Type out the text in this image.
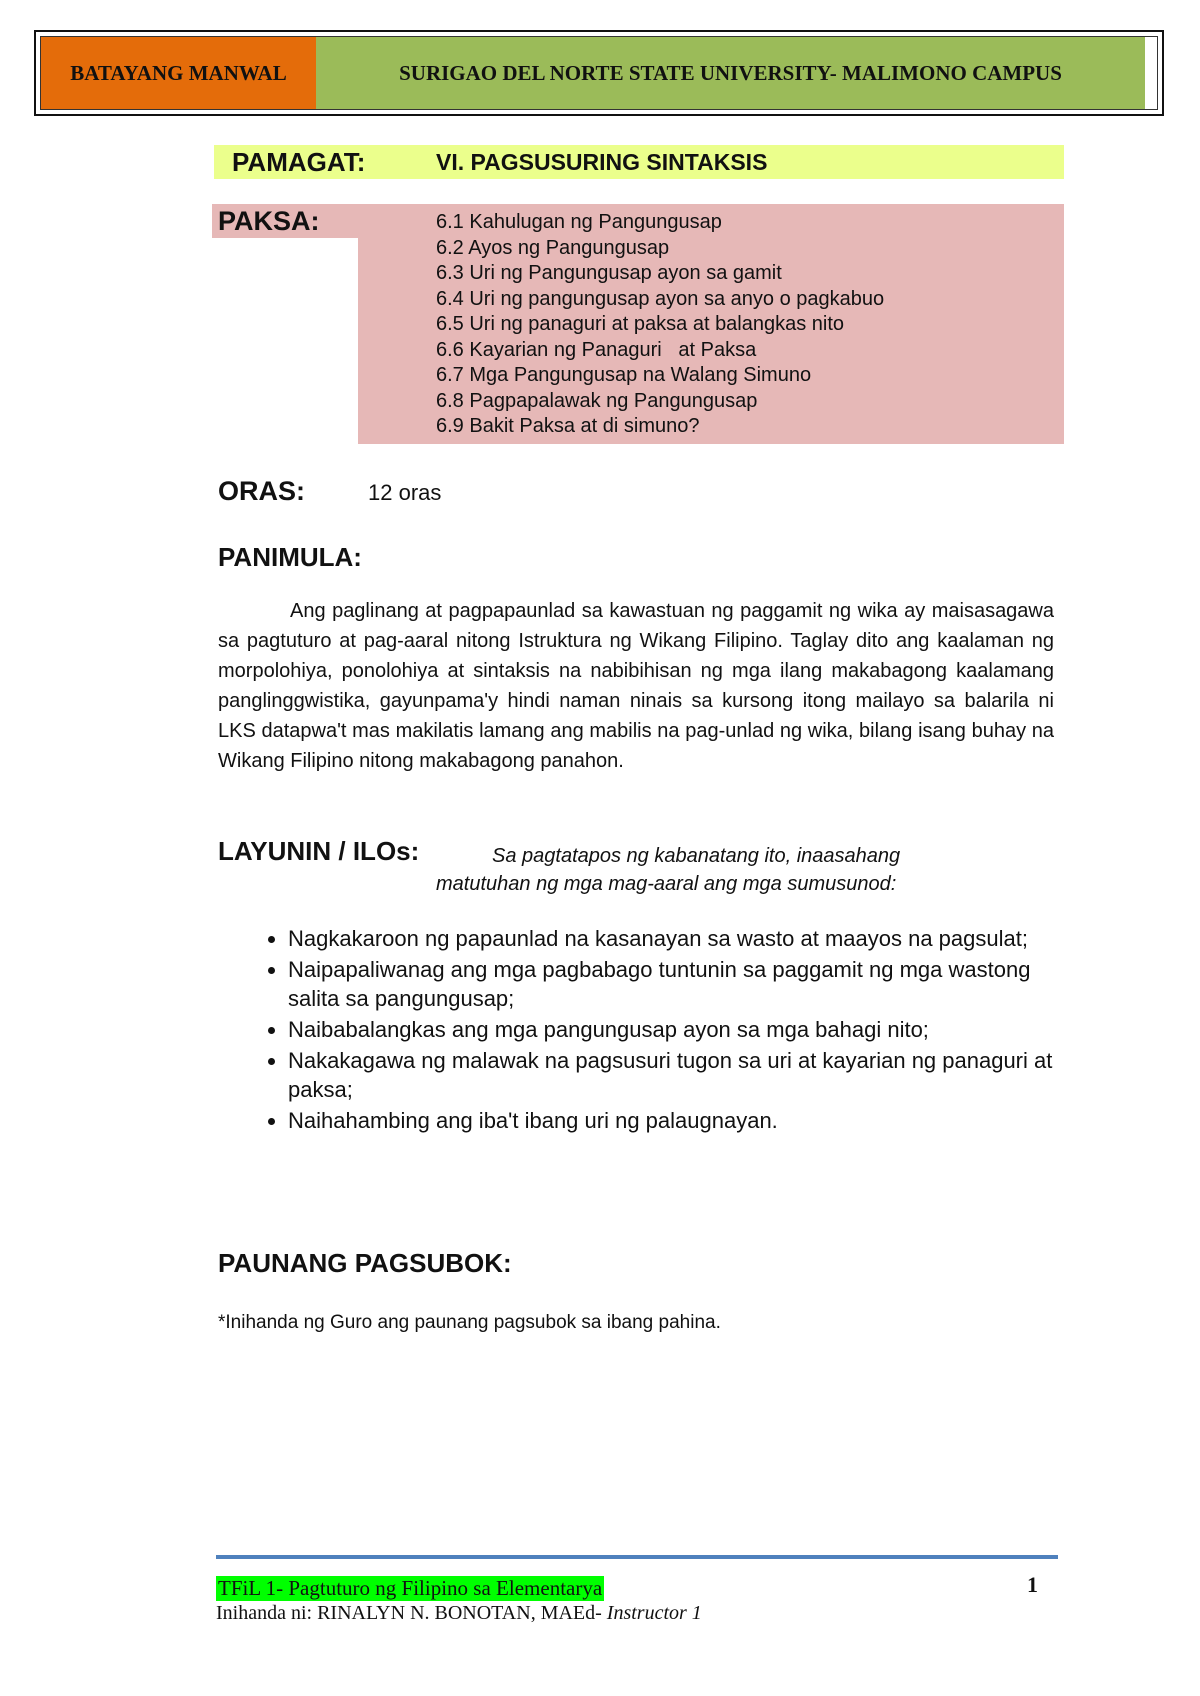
BATAYANG MANWAL	SURIGAO DEL NORTE STATE UNIVERSITY- MALIMONO CAMPUS
PAMAGAT:	VI. PAGSUSURING SINTAKSIS
PAKSA:	6.1 Kahulugan ng Pangungusap
6.2 Ayos ng Pangungusap
6.3 Uri ng Pangungusap ayon sa gamit
6.4 Uri ng pangungusap ayon sa anyo o pagkabuo
6.5 Uri ng panaguri at paksa at balangkas nito
6.6 Kayarian ng Panaguri   at Paksa
6.7 Mga Pangungusap na Walang Simuno
6.8 Pagpapalawak ng Pangungusap
6.9 Bakit Paksa at di simuno?
ORAS:	12 oras
PANIMULA:

Ang paglinang at pagpapaunlad sa kawastuan ng paggamit ng wika ay maisasagawa sa pagtuturo at pag-aaral nitong Istruktura ng Wikang Filipino. Taglay dito ang kaalaman ng morpolohiya, ponolohiya at sintaksis na nabibihisan ng mga ilang makabagong kaalamang panglinggwistika, gayunpama'y hindi naman ninais sa kursong itong mailayo sa balarila ni LKS datapwa't mas makilatis lamang ang mabilis na pag-unlad ng wika, bilang isang buhay na Wikang Filipino nitong makabagong panahon.

LAYUNIN / ILOs:	Sa pagtatapos ng kabanatang ito, inaasahang
matutuhan ng mga mag-aaral ang mga sumusunod:
• Nagkakaroon ng papaunlad na kasanayan sa wasto at maayos na pagsulat;
• Naipapaliwanag ang mga pagbabago tuntunin sa paggamit ng mga wastong salita sa pangungusap;
• Naibabalangkas ang mga pangungusap ayon sa mga bahagi nito;
• Nakakagawa ng malawak na pagsusuri tugon sa uri at kayarian ng panaguri at paksa;
• Naihahambing ang iba't ibang uri ng palaugnayan.
PAUNANG PAGSUBOK:
*Inihanda ng Guro ang paunang pagsubok sa ibang pahina.
TFiL 1- Pagtuturo ng Filipino sa Elementarya	1
Inihanda ni: RINALYN N. BONOTAN, MAEd- Instructor 1
